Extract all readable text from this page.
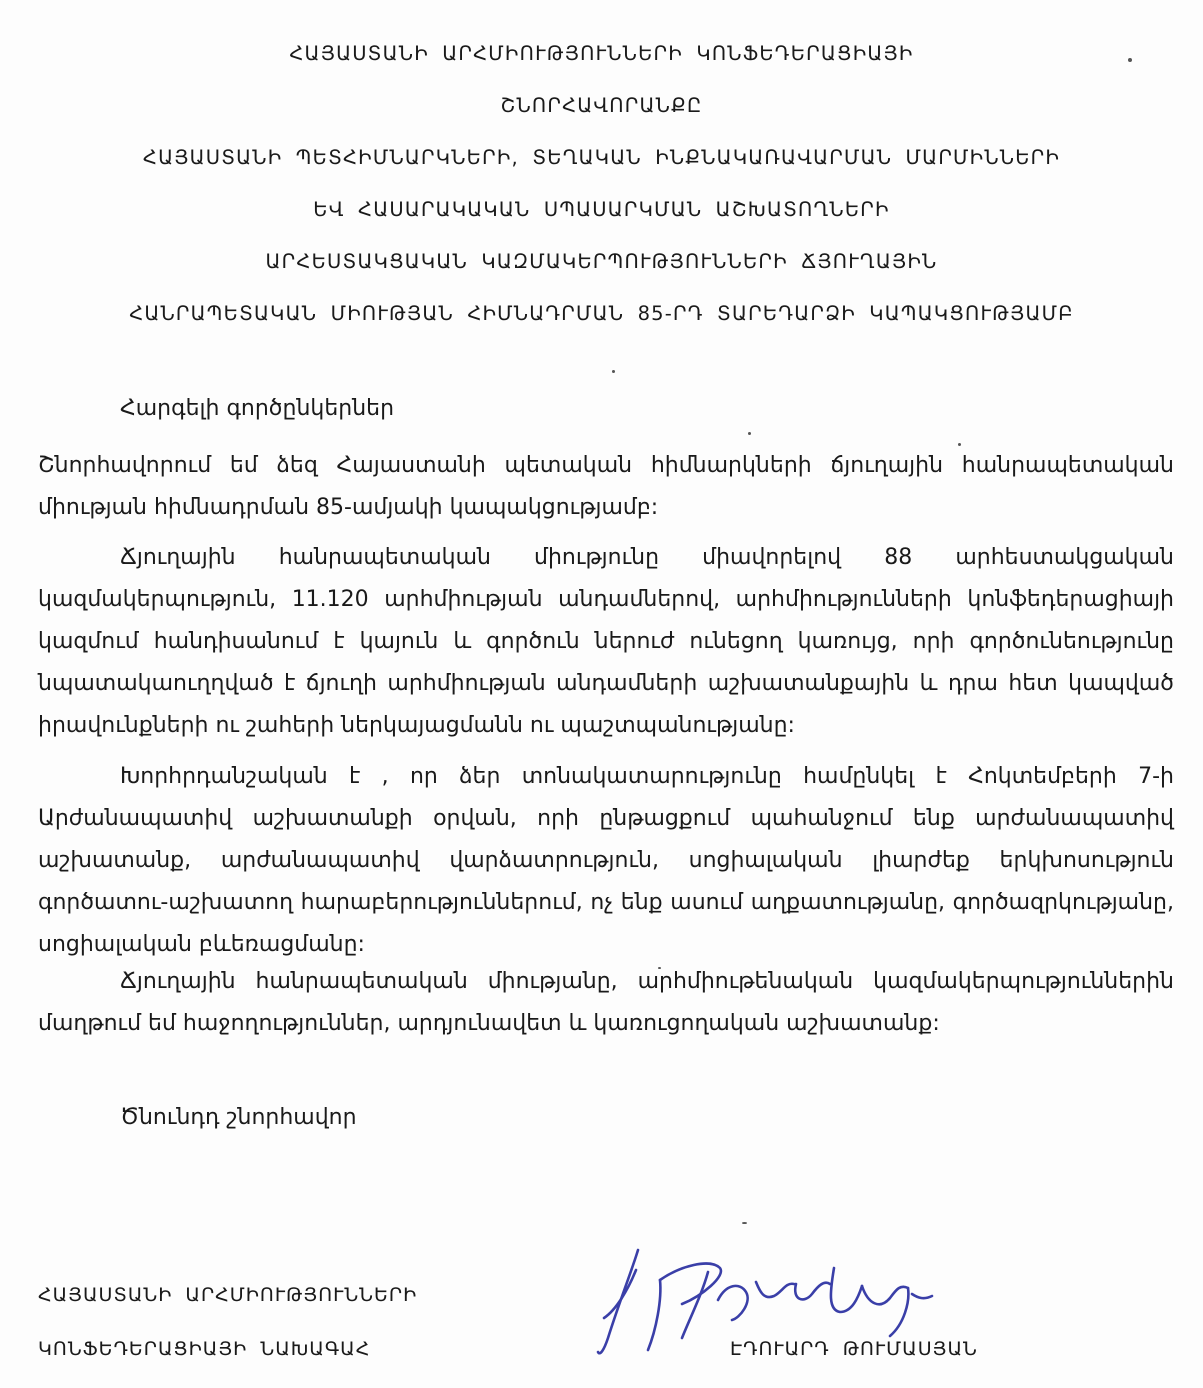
ՀԱՅԱՍՏԱՆԻ ԱՐՀՄԻՈՒԹՅՈՒՆՆԵՐԻ ԿՈՆՖԵԴԵՐԱՑԻԱՅԻ
ՇՆՈՐՀԱՎՈՐԱՆՔԸ
ՀԱՅԱՍՏԱՆԻ ՊԵՏՀԻՄՆԱՐԿՆԵՐԻ, ՏԵՂԱԿԱՆ ԻՆՔՆԱԿԱՌԱՎԱՐՄԱՆ ՄԱՐՄԻՆՆԵՐԻ
ԵՎ ՀԱՍԱՐԱԿԱԿԱՆ ՍՊԱՍԱՐԿՄԱՆ ԱՇԽԱՏՈՂՆԵՐԻ
ԱՐՀԵՍՏԱԿՑԱԿԱՆ ԿԱԶՄԱԿԵՐՊՈՒԹՅՈՒՆՆԵՐԻ ՃՅՈՒՂԱՅԻՆ
ՀԱՆՐԱՊԵՏԱԿԱՆ ՄԻՈՒԹՅԱՆ ՀԻՄՆԱԴՐՄԱՆ 85-ՐԴ ՏԱՐԵԴԱՐՁԻ ԿԱՊԱԿՑՈՒԹՅԱՄԲ
Հարգելի գործընկերներ
Շնորհավորում եմ ձեզ Հայաստանի պետական հիմնարկների ճյուղային հանրապետական միության հիմնադրման 85-ամյակի կապակցությամբ:
Ճյուղային հանրապետական միությունը միավորելով 88 արհեստակցական կազմակերպություն, 11.120 արհմիության անդամներով, արհմիությունների կոնֆեդերացիայի կազմում հանդիսանում է կայուն և գործուն ներուժ ունեցող կառույց, որի գործունեությունը նպատակաուղղված է ճյուղի արհմիության անդամների աշխատանքային և դրա հետ կապված իրավունքների ու շահերի ներկայացմանն ու պաշտպանությանը:
Խորհրդանշական է , որ ձեր տոնակատարությունը համընկել է Հոկտեմբերի 7-ի Արժանապատիվ աշխատանքի օրվան, որի ընթացքում պահանջում ենք արժանապատիվ աշխատանք, արժանապատիվ վարձատրություն, սոցիալական լիարժեք երկխոսություն գործատու-աշխատող հարաբերություններում, ոչ ենք ասում աղքատությանը, գործազրկությանը, սոցիալական բևեռացմանը:
Ճյուղային հանրապետական միությանը, արհմիութենական կազմակերպություններին մաղթում եմ հաջողություններ, արդյունավետ և կառուցողական աշխատանք:
Ծնունդդ շնորհավոր
ՀԱՅԱՍՏԱՆԻ ԱՐՀՄԻՈՒԹՅՈՒՆՆԵՐԻ
ԿՈՆՖԵԴԵՐԱՑԻԱՅԻ ՆԱԽԱԳԱՀ	ԷԴՈՒԱՐԴ ԹՈՒՄԱՍՅԱՆ
